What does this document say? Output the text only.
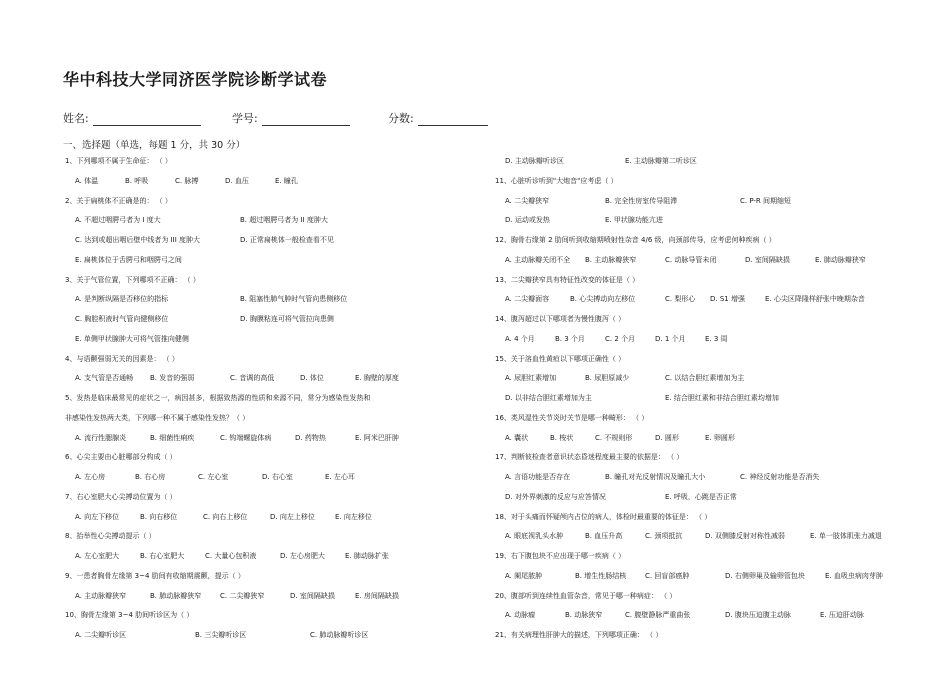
华中科技大学同济医学院诊断学试卷
姓名:	学号:	分数:
一、选择题（单选，每题 1 分，共 30 分）
1、下列哪项不属于生命征： （ ）
A. 体温	B. 呼吸	C. 脉搏	D. 血压	E. 瞳孔
2、关于扁桃体不正确是的： （ ）
A. 不超过咽腭弓者为 I 度大	B. 超过咽腭弓者为 II 度肿大
C. 达到或超出咽后壁中线者为 III 度肿大	D. 正常扁桃体一般检查看不见
E. 扁桃体位于舌腭弓和咽腭弓之间
3、关于气管位置，下列哪项不正确： （ ）
A. 是判断纵隔是否移位的指标	B. 阻塞性肺气肿时气管向患侧移位
C. 胸腔积液时气管向健侧移位	D. 胸膜粘连可将气管拉向患侧
E. 单侧甲状腺肿大可将气管推向健侧
4、与语颤强弱无关的因素是： （ ）
A. 支气管是否通畅 B. 发音的强弱	C. 音调的高低	D. 体位	E. 胸壁的厚度
5、发热是临床最常见的症状之一，病因甚多，根据致热源的性质和来源不同，常分为感染性发热和
非感染性发热两大类，下列哪一种不属于感染性发热？（ ）
A. 流行性腮腺炎	B. 细菌性痢疾	C. 钩端螺旋体病	D. 药物热	E. 阿米巴肝肿
6、心尖主要由心脏哪部分构成（ ）
A. 左心房	B. 右心房	C. 左心室	D. 右心室	E. 左心耳
7、右心室肥大心尖搏动位置为（ ）
A. 向左下移位	B. 向右移位	C. 向右上移位	D. 向左上移位	E. 向左移位
8、抬举性心尖搏动提示（ ）
A. 左心室肥大	B. 右心室肥大	C. 大量心包积液	D. 左心房肥大	E. 肺动脉扩张
9、一患者胸骨左缘第 3~4 肋间有收缩期震颤，提示（ ）
A. 主动脉瓣狭窄	B. 肺动脉瓣狭窄	C. 二尖瓣狭窄	D. 室间隔缺损	E. 房间隔缺损
10、胸骨左缘第 3~4 肋间听诊区为（ ）
A. 二尖瓣听诊区	B. 三尖瓣听诊区	C. 肺动脉瓣听诊区
D. 主动脉瓣听诊区	E. 主动脉瓣第二听诊区
11、心脏听诊听到"大炮音"应考虑（ ）
A. 二尖瓣狭窄	B. 完全性房室传导阻滞	C. P-R 间期缩短
D. 运动或发热	E. 甲状腺功能亢进
12、胸骨右缘第 2 肋间听到收缩期喷射性杂音 4/6 级，向颈部传导，应考虑何种疾病（ ）
A. 主动脉瓣关闭不全 B. 主动脉瓣狭窄	C. 动脉导管未闭	D. 室间隔缺损	E. 肺动脉瓣狭窄
13、二尖瓣狭窄具有特征性改变的体征是（ ）
A. 二尖瓣面容	B. 心尖搏动向左移位	C. 梨形心 D. S1 增强	E. 心尖区降隆样舒张中晚期杂音
14、腹泻超过以下哪项者为慢性腹泻（ ）
A. 4 个月	B. 3 个月	C. 2 个月	D. 1 个月	E. 3 周
15、关于溶血性黄疸以下哪项正确性（ ）
A. 尿胆红素增加	B. 尿胆原减少	C. 以结合胆红素增加为主
D. 以非结合胆红素增加为主	E. 结合胆红素和非结合胆红素均增加
16、类风湿性关节炎时关节是哪一种畸形： （ ）
A. 囊状	B. 梭状	C. 不规则形	D. 圆形	E. 卵圆形
17、判断彼检查者意识状态昏迷程度最主要的依据是： （ ）
A. 言语功能是否存在	B. 瞳孔对光反射情况及瞳孔大小	C. 神经反射功能是否消失
D. 对外界刺激的反应与应答情况	E. 呼吸，心跳是否正常
18、对于头痛而怀疑颅内占位的病人，体检时最重要的体征是： （ ）
A. 眼底视乳头水肿	B. 血压升高	C. 颈项抵抗	D. 双侧膝反射对称性减弱	E. 单一肢体肌张力减退
19、右下腹包块不应出现于哪一疾病（ ）
A. 阑尾脓肿	B. 增生性肠结核	C. 回盲部癌肿	D. 右侧卵巢及输卵管包块	E. 血吸虫病肉芽肿
20、腹部听到连续性血管杂音，常见于哪一种病症： （ ）
A. 动脉瘤	B. 动脉狭窄	C. 腹壁静脉严重曲张	D. 腹块压迫腹主动脉	E. 压迫肝动脉
21、有关病理性肝肿大的描述，下列哪项正确： （ ）
